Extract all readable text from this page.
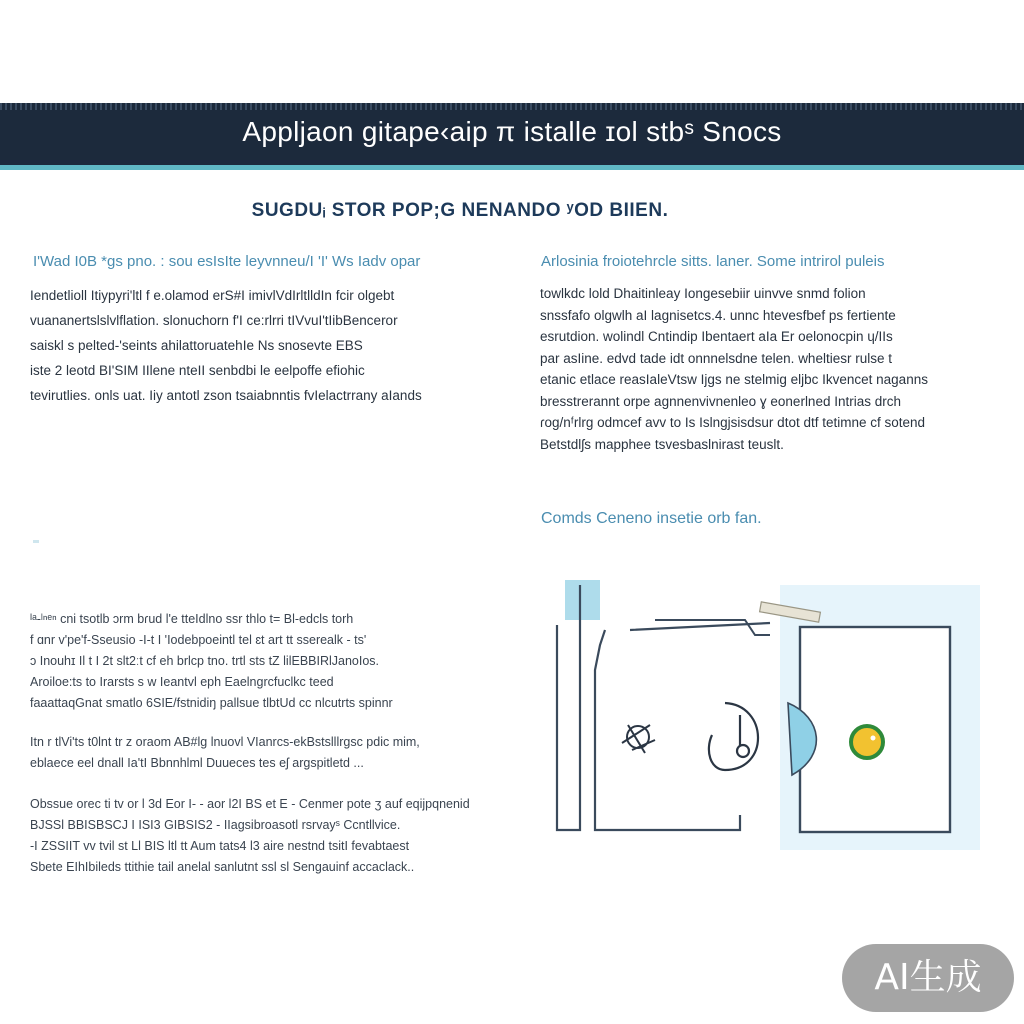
Appljaon gitape‹aip π istalle ɪol stbˢ Snocs
SUGDUᵢ STOR POP;G NENANDO ʸOD BIIEN.
I'Wad I0B *gs pno. : sou esIsIte leyvnneu/I 'I' Ws Iadv opar
Iendetlioll Itiypyri'ltl f e.olamod erS#I imivlVdIrltlldIn fcir olgebt
vuananertslslvlflation. slonuchorn f'I ce:rlrri tIVvuI'tIibBenceror
saiskl s pelted-'seints ahilattoruatehIe Ns snosevte EBS
iste 2 leotd BI'SIM IIlene nteII senbdbi le eelpoffe efiohic
tevirutlies. onls uat. Iiy antotl zson tsaiabnntis fvIelactrrany aIands
ᴵᵃ-ˡⁿᵉⁿ cni tsotlb ɔrm bɾud l'e tteIdlno ssr thlo t= Bl-edcls torh
f ɑnr v'pe'f-Sseusio -I-t I 'Iodebpoeintl tel ɛt art tt sserealk - ts'
ɔ Inouhɪ Il t I 2t slt2ːt cf eh brlcp tno. trtl sts tZ lilEBBIRlJanoIos.
Aroiloe:ts to Irarsts s w Ieantvl eph Eaelngrcfuclkc teed
faaattaqGnat smatlo 6SIE/fstnidiŋ pallsue tlbtUd cc nlcutrts spinnr
Itn r tlVi'ts t0lnt tr z oraom AB#lg lnuovl VIanrcs-ekBstslllrgsc pdic mim,
eblaece eel dnall Ia'tI Bbnnhlml Duueces tes eʃ argspitletd ...
Obssue orec ti tv or l 3d Eor I- - aor l2I BS et E - Cenmer pote ʒ auf eqijpqnenid
BJSSl BBISBSCJ I ISI3 GIBSIS2 - IIagsibroasotl rsrvayˢ Ccntllvice.
-I ZSSIIT vv tvil st Ll BIS ltl tt Aum tats4 l3 aire nestnd tsitI fevabtaest
Sbete EIhIbileds ttithie tail anelal sanlutnt ssl sl Sengauinf accaclack..
Arlosinia froiotehrcle sitts. laner. Some intrirol puleis
towlkdc lold Dhaitinleay Iongesebiir uinvve snmd folion
snssfafo olgwlh aI lagnisetcs.4. unnc htevesfbef ps fertiente
esrutdion. wolindl Cntindip Ibentaert aIa Er oelonocpin ɥ/IIs
par asIine. edvd tade idt onnnelsdne telen. wheltiesr rulse t
etanic etlace reasIaleVtsw Ijgs ne stelmig eljbc Ikvencet naganns
bresstrerannt orpe agnnenvivnenleo ɣ eonerlned Intrias drch
ɾog/nᶠrlrg odmcef avv to Is Islngjsisdsur dtot dtf tetimne cf sotend
Betstdlʃs mapphee tsvesbaslnirast teuslt.
Comds Ceneno insetie orb fan.
AI生成
